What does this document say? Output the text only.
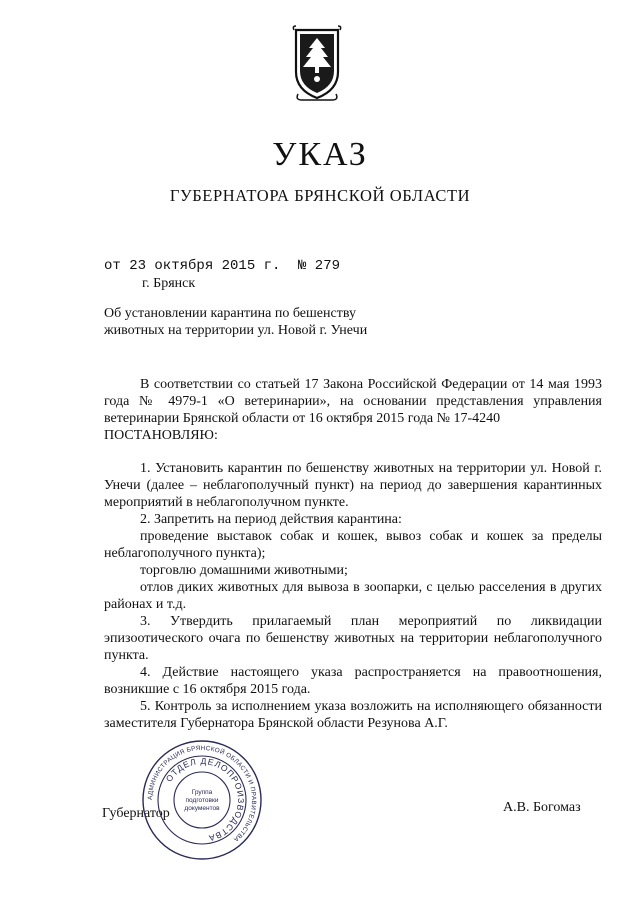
УКАЗ
ГУБЕРНАТОРА БРЯНСКОЙ ОБЛАСТИ
от 23 октября 2015 г. № 279
г. Брянск
Об установлении карантина по бешенству
животных на территории ул. Новой г. Унечи

В соответствии со статьей 17 Закона Российской Федерации от 14 мая 1993 года № 4979-1 «О ветеринарии», на основании представления управления ветеринарии Брянской области от 16 октября 2015 года № 17-4240

ПОСТАНОВЛЯЮ:

1. Установить карантин по бешенству животных на территории ул. Новой г. Унечи (далее – неблагополучный пункт) на период до завершения карантинных мероприятий в неблагополучном пункте.

2. Запретить на период действия карантина:

проведение выставок собак и кошек, вывоз собак и кошек за пределы неблагополучного пункта);

торговлю домашними животными;

отлов диких животных для вывоза в зоопарки, с целью расселения в других районах и т.д.

3. Утвердить прилагаемый план мероприятий по ликвидации эпизоотического очага по бешенству животных на территории неблагополучного пункта.

4. Действие настоящего указа распространяется на правоотношения, возникшие с 16 октября 2015 года.

5. Контроль за исполнением указа возложить на исполняющего обязанности заместителя Губернатора Брянской области Резунова А.Г.

Губернатор	А.В. Богомаз
АДМИНИСТРАЦИЯ БРЯНСКОЙ ОБЛАСТИ И ПРАВИТЕЛЬСТВА
ОТДЕЛ ДЕЛОПРОИЗВОДСТВА
Группа
подготовки
документов
